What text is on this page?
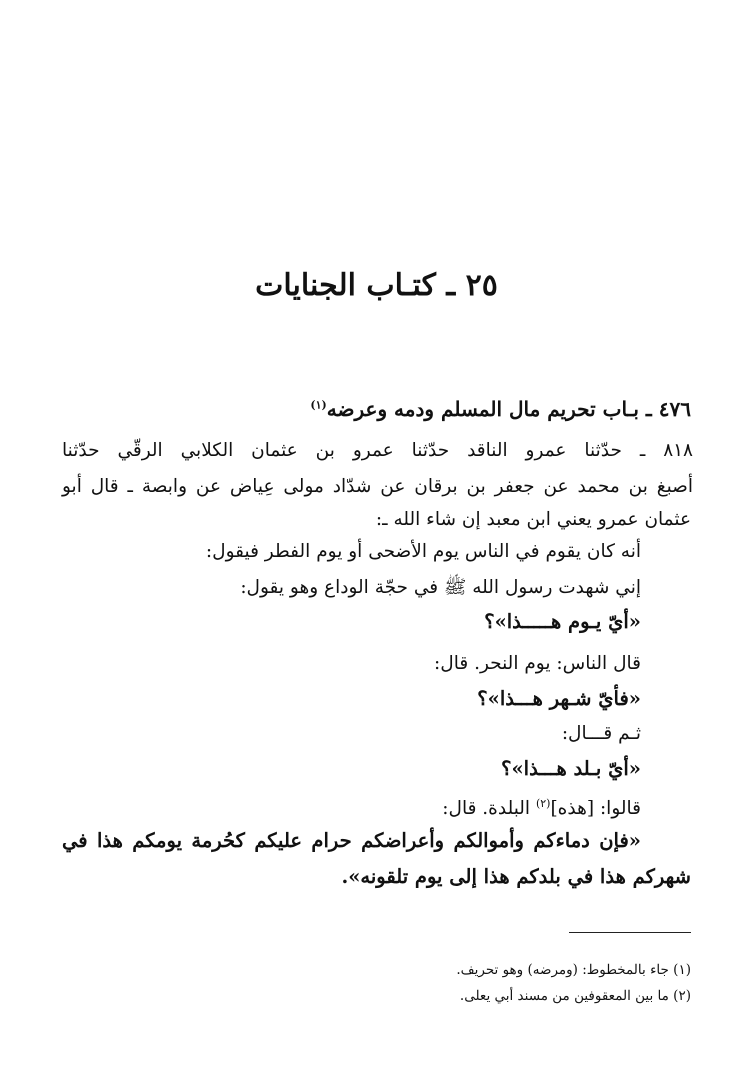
٢٥ ـ كتـاب الجنايات
٤٧٦ ـ بـاب تحريم مال المسلم ودمه وعرضه$^{(١)}$
٨١٨ ـ حدّثنا عمرو الناقد حدّثنا عمرو بن عثمان الكلابي الرقّي حدّثنا
أصبغ بن محمد عن جعفر بن برقان عن شدّاد مولى عِياض عن وابصة ـ قال أبو
عثمان عمرو يعني ابن معبد إن شاء الله ـ:
أنه كان يقوم في الناس يوم الأضحى أو يوم الفطر فيقول:
إني شهدت رسول الله ﷺ في حجّة الوداع وهو يقول:
«أيّ يـوم هـــــذا»؟
قال الناس: يوم النحر. قال:
«فأيّ شـهر هـــذا»؟
ثـم قـــال:
«أيّ بـلد هـــذا»؟
قالوا: [هذه]$^{(٢)}$ البلدة. قال:
«فإن دماءكم وأموالكم وأعراضكم حرام عليكم كحُرمة يومكم هذا في
شهركم هذا في بلدكم هذا إلى يوم تلقونه».
(١) جاء بالمخطوط: (ومرضه) وهو تحريف.
(٢) ما بين المعقوفين من مسند أبي يعلى.
